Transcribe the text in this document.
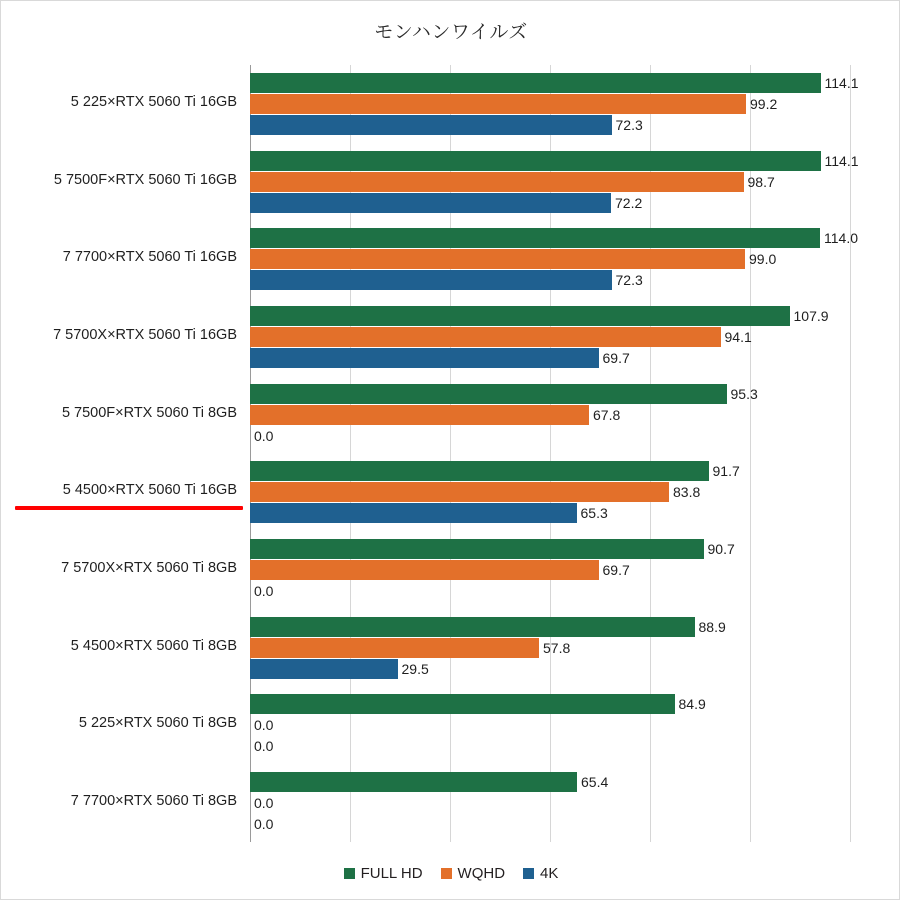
モンハンワイルズ
114.1
99.2
72.3
114.1
98.7
72.2
114.0
99.0
72.3
107.9
94.1
69.7
95.3
67.8
0.0
91.7
83.8
65.3
90.7
69.7
0.0
88.9
57.8
29.5
84.9
0.0
0.0
65.4
0.0
0.0
FULL HD WQHD 4K
5 225×RTX 5060 Ti 16GB
5 7500F×RTX 5060 Ti 16GB
7 7700×RTX 5060 Ti 16GB
7 5700X×RTX 5060 Ti 16GB
5 7500F×RTX 5060 Ti 8GB
5 4500×RTX 5060 Ti 16GB
7 5700X×RTX 5060 Ti 8GB
5 4500×RTX 5060 Ti 8GB
5 225×RTX 5060 Ti 8GB
7 7700×RTX 5060 Ti 8GB
